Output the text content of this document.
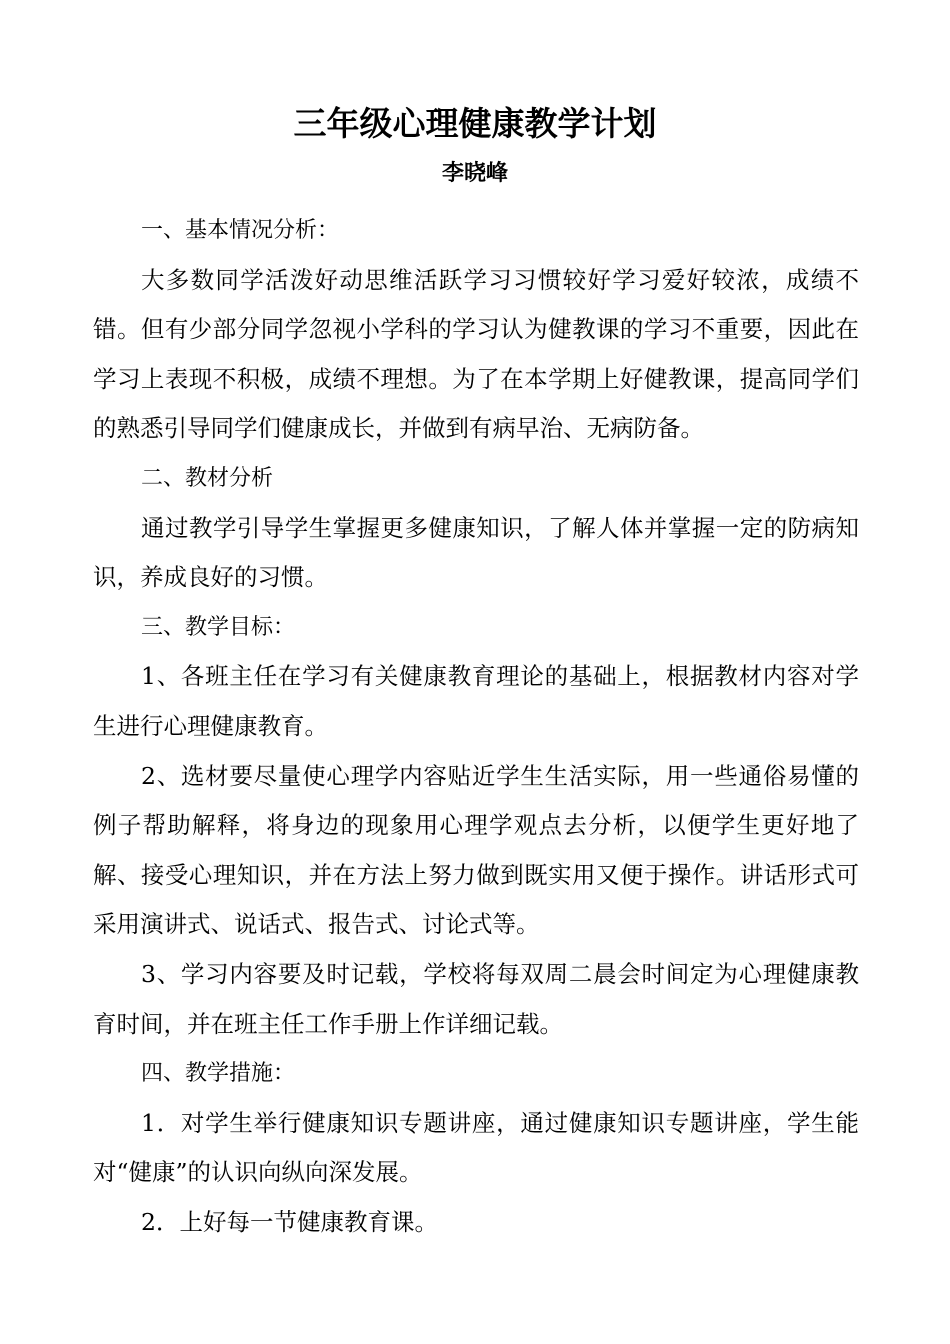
三年级心理健康教学计划
李晓峰
一、基本情况分析：

大多数同学活泼好动思维活跃学习习惯较好学习爱好较浓，成绩不错。但有少部分同学忽视小学科的学习认为健教课的学习不重要，因此在学习上表现不积极，成绩不理想。为了在本学期上好健教课，提高同学们的熟悉引导同学们健康成长，并做到有病早治、无病防备。

二、教材分析

通过教学引导学生掌握更多健康知识，了解人体并掌握一定的防病知识，养成良好的习惯。

三、教学目标：

1、各班主任在学习有关健康教育理论的基础上，根据教材内容对学生进行心理健康教育。

2、选材要尽量使心理学内容贴近学生生活实际，用一些通俗易懂的例子帮助解释，将身边的现象用心理学观点去分析，以便学生更好地了解、接受心理知识，并在方法上努力做到既实用又便于操作。讲话形式可采用演讲式、说话式、报告式、讨论式等。

3、学习内容要及时记载，学校将每双周二晨会时间定为心理健康教育时间，并在班主任工作手册上作详细记载。

四、教学措施：

1．对学生举行健康知识专题讲座，通过健康知识专题讲座，学生能对“健康”的认识向纵向深发展。

2．上好每一节健康教育课。
